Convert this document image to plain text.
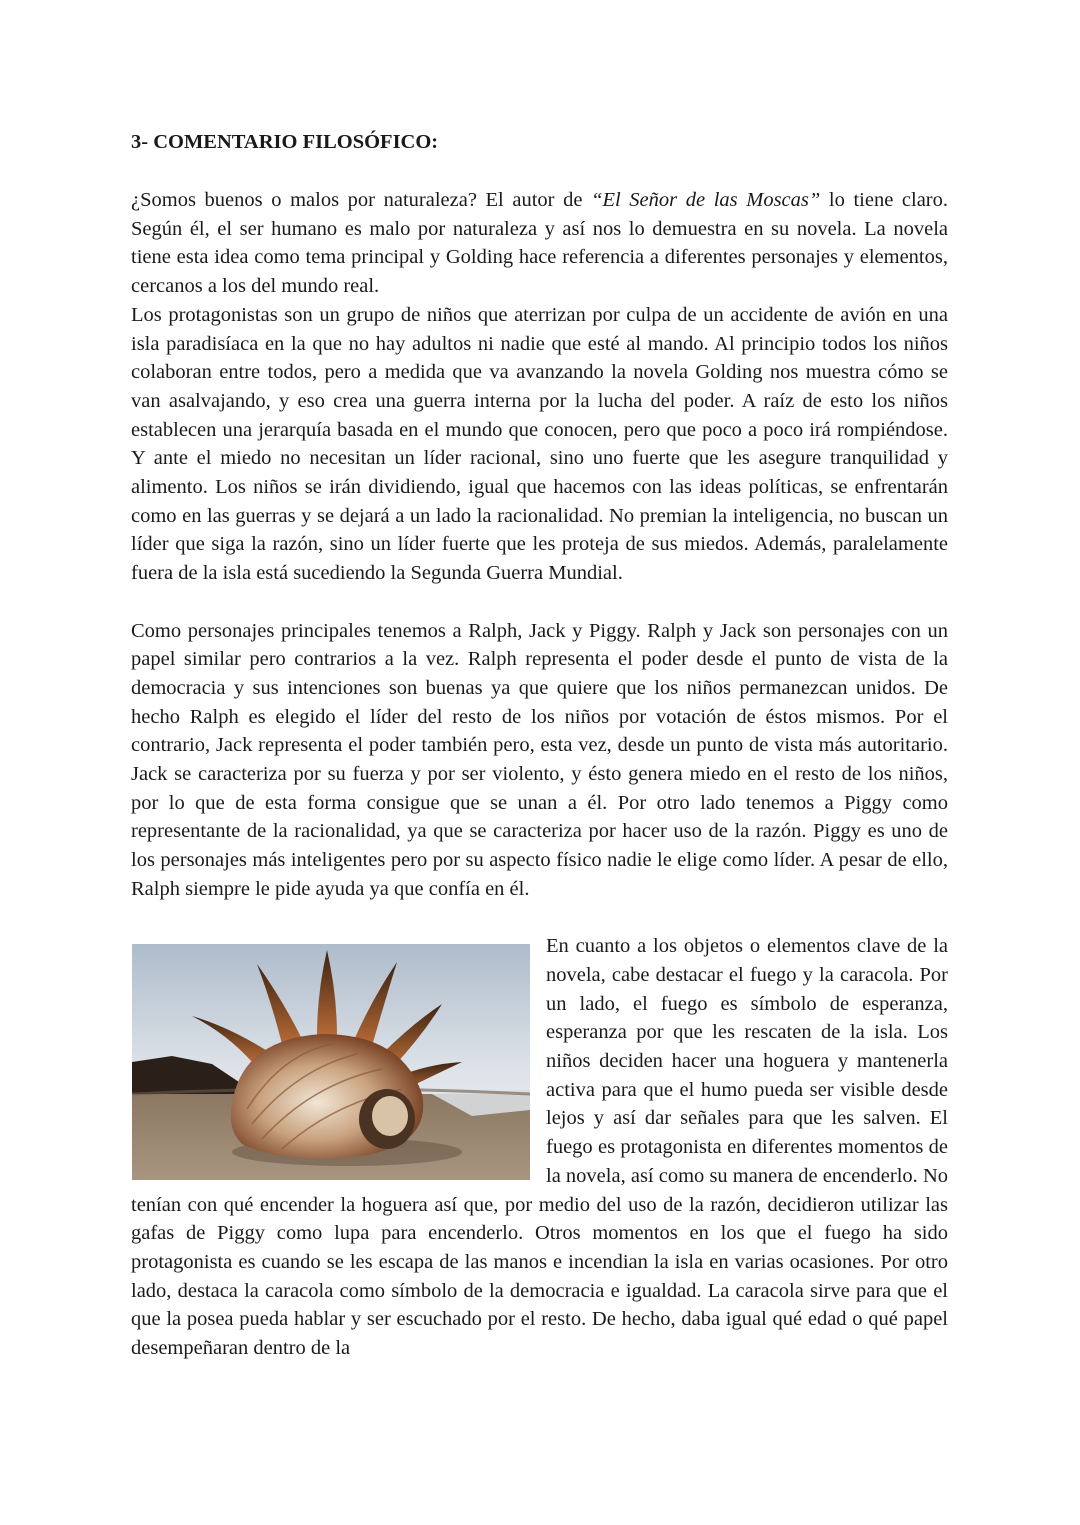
3- COMENTARIO FILOSÓFICO:

¿Somos buenos o malos por naturaleza? El autor de “El Señor de las Moscas” lo tiene claro. Según él, el ser humano es malo por naturaleza y así nos lo demuestra en su novela. La novela tiene esta idea como tema principal y Golding hace referencia a diferentes personajes y elementos, cercanos a los del mundo real.

Los protagonistas son un grupo de niños que aterrizan por culpa de un accidente de avión en una isla paradisíaca en la que no hay adultos ni nadie que esté al mando. Al principio todos los niños colaboran entre todos, pero a medida que va avanzando la novela Golding nos muestra cómo se van asalvajando, y eso crea una guerra interna por la lucha del poder. A raíz de esto los niños establecen una jerarquía basada en el mundo que conocen, pero que poco a poco irá rompiéndose. Y ante el miedo no necesitan un líder racional, sino uno fuerte que les asegure tranquilidad y alimento. Los niños se irán dividiendo, igual que hacemos con las ideas políticas, se enfrentarán como en las guerras y se dejará a un lado la racionalidad. No premian la inteligencia, no buscan un líder que siga la razón, sino un líder fuerte que les proteja de sus miedos. Además, paralelamente fuera de la isla está sucediendo la Segunda Guerra Mundial.

Como personajes principales tenemos a Ralph, Jack y Piggy. Ralph y Jack son personajes con un papel similar pero contrarios a la vez. Ralph representa el poder desde el punto de vista de la democracia y sus intenciones son buenas ya que quiere que los niños permanezcan unidos. De hecho Ralph es elegido el líder del resto de los niños por votación de éstos mismos. Por el contrario, Jack representa el poder también pero, esta vez, desde un punto de vista más autoritario. Jack se caracteriza por su fuerza y por ser violento, y ésto genera miedo en el resto de los niños, por lo que de esta forma consigue que se unan a él. Por otro lado tenemos a Piggy como representante de la racionalidad, ya que se caracteriza por hacer uso de la razón. Piggy es uno de los personajes más inteligentes pero por su aspecto físico nadie le elige como líder. A pesar de ello, Ralph siempre le pide ayuda ya que confía en él.

En cuanto a los objetos o elementos clave de la novela, cabe destacar el fuego y la caracola. Por un lado, el fuego es símbolo de esperanza, esperanza por que les rescaten de la isla. Los niños deciden hacer una hoguera y mantenerla activa para que el humo pueda ser visible desde lejos y así dar señales para que les salven. El fuego es protagonista en diferentes momentos de la novela, así como su manera de encenderlo. No tenían con qué encender la hoguera así que, por medio del uso de la razón, decidieron utilizar las gafas de Piggy como lupa para encenderlo. Otros momentos en los que el fuego ha sido protagonista es cuando se les escapa de las manos e incendian la isla en varias ocasiones. Por otro lado, destaca la caracola como símbolo de la democracia e igualdad. La caracola sirve para que el que la posea pueda hablar y ser escuchado por el resto. De hecho, daba igual qué edad o qué papel desempeñaran dentro de la
